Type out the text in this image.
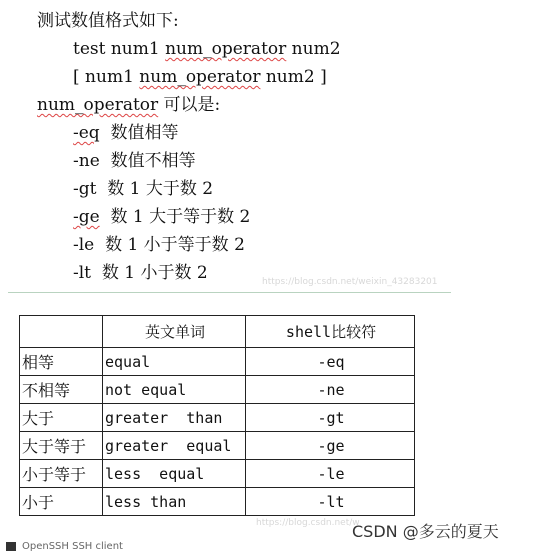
测试数值格式如下:
test num1 num_operator num2
[ num1 num_operator num2 ]
num_operator 可以是:
-eq 数值相等
-ne 数值不相等
-gt 数 1 大于数 2
-ge 数 1 大于等于数 2
-le 数 1 小于等于数 2
-lt 数 1 小于数 2	https://blog.csdn.net/weixin_43283201
	英文单词	shell比较符
相等	equal	-eq
不相等	not equal	-ne
大于	greater  than	-gt
大于等于	greater  equal	-ge
小于等于	less  equal	-le
小于	less than	-lt
https://blog.csdn.net/w
CSDN @多云的夏天
OpenSSH SSH client
